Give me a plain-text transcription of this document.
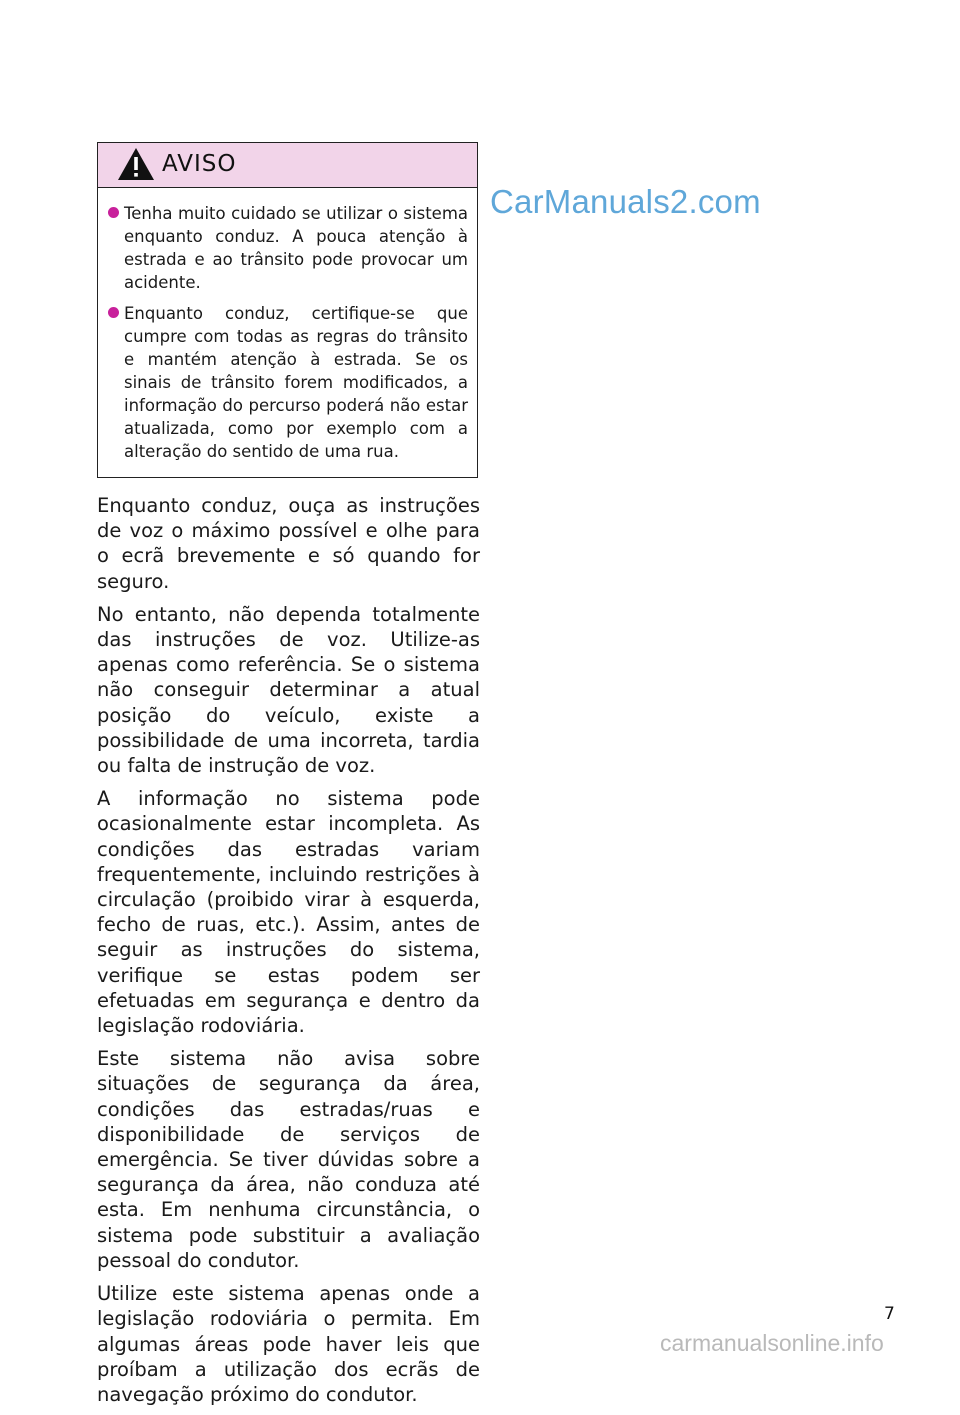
AVISO
Tenha muito cuidado se utilizar o sistema enquanto conduz. A pouca atenção à estrada e ao trânsito pode provocar um acidente.
Enquanto conduz, certifique-se que cumpre com todas as regras do trânsito e mantém atenção à estrada. Se os sinais de trânsito forem modificados, a informação do percurso poderá não estar atualizada, como por exemplo com a alteração do sentido de uma rua.
CarManuals2.com

Enquanto conduz, ouça as instruções de voz o máximo possível e olhe para o ecrã brevemente e só quando for seguro.

No entanto, não dependa totalmente das instruções de voz. Utilize-as apenas como referência. Se o sistema não conseguir determinar a atual posição do veículo, existe a possibilidade de uma incorreta, tardia ou falta de instrução de voz.

A informação no sistema pode ocasionalmente estar incompleta. As condições das estradas variam frequentemente, incluindo restrições à circulação (proibido virar à esquerda, fecho de ruas, etc.). Assim, antes de seguir as instruções do sistema, verifique se estas podem ser efetuadas em segurança e dentro da legislação rodoviária.

Este sistema não avisa sobre situações de segurança da área, condições das estradas/ruas e disponibilidade de serviços de emergência. Se tiver dúvidas sobre a segurança da área, não conduza até esta. Em nenhuma circunstância, o sistema pode substituir a avaliação pessoal do condutor.

Utilize este sistema apenas onde a legislação rodoviária o permita. Em algumas áreas pode haver leis que proíbam a utilização dos ecrãs de navegação próximo do condutor.

7
carmanualsonline.info
